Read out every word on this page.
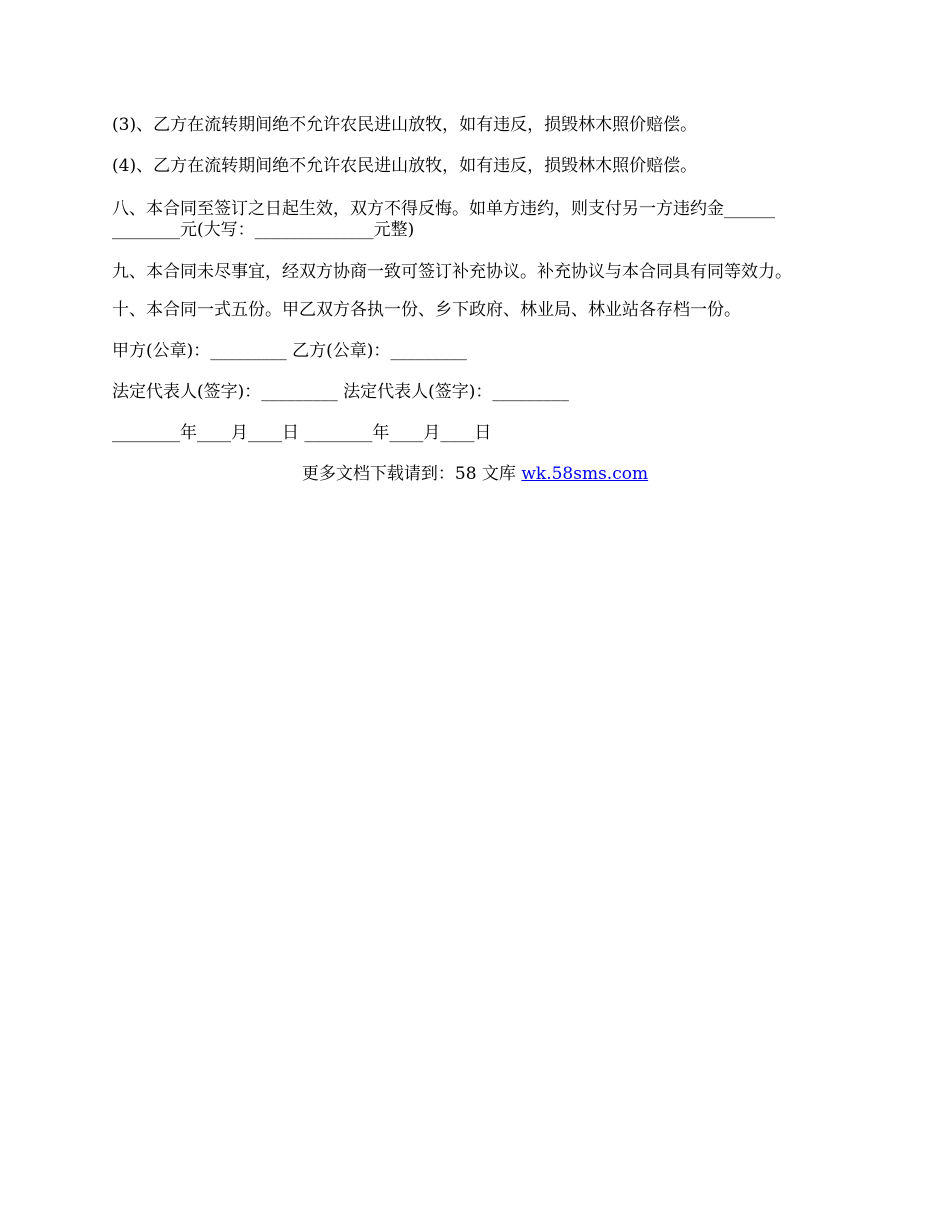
(3)、乙方在流转期间绝不允许农民进山放牧，如有违反，损毁林木照价赔偿。
(4)、乙方在流转期间绝不允许农民进山放牧，如有违反，损毁林木照价赔偿。
八、本合同至签订之日起生效，双方不得反悔。如单方违约，则支付另一方违约金______
________元(大写：______________元整)
九、本合同未尽事宜，经双方协商一致可签订补充协议。补充协议与本合同具有同等效力。
十、本合同一式五份。甲乙双方各执一份、乡下政府、林业局、林业站各存档一份。
甲方(公章)：_________ 乙方(公章)：_________
法定代表人(签字)：_________ 法定代表人(签字)：_________
________年____月____日 ________年____月____日
更多文档下载请到：58 文库 wk.58sms.com
